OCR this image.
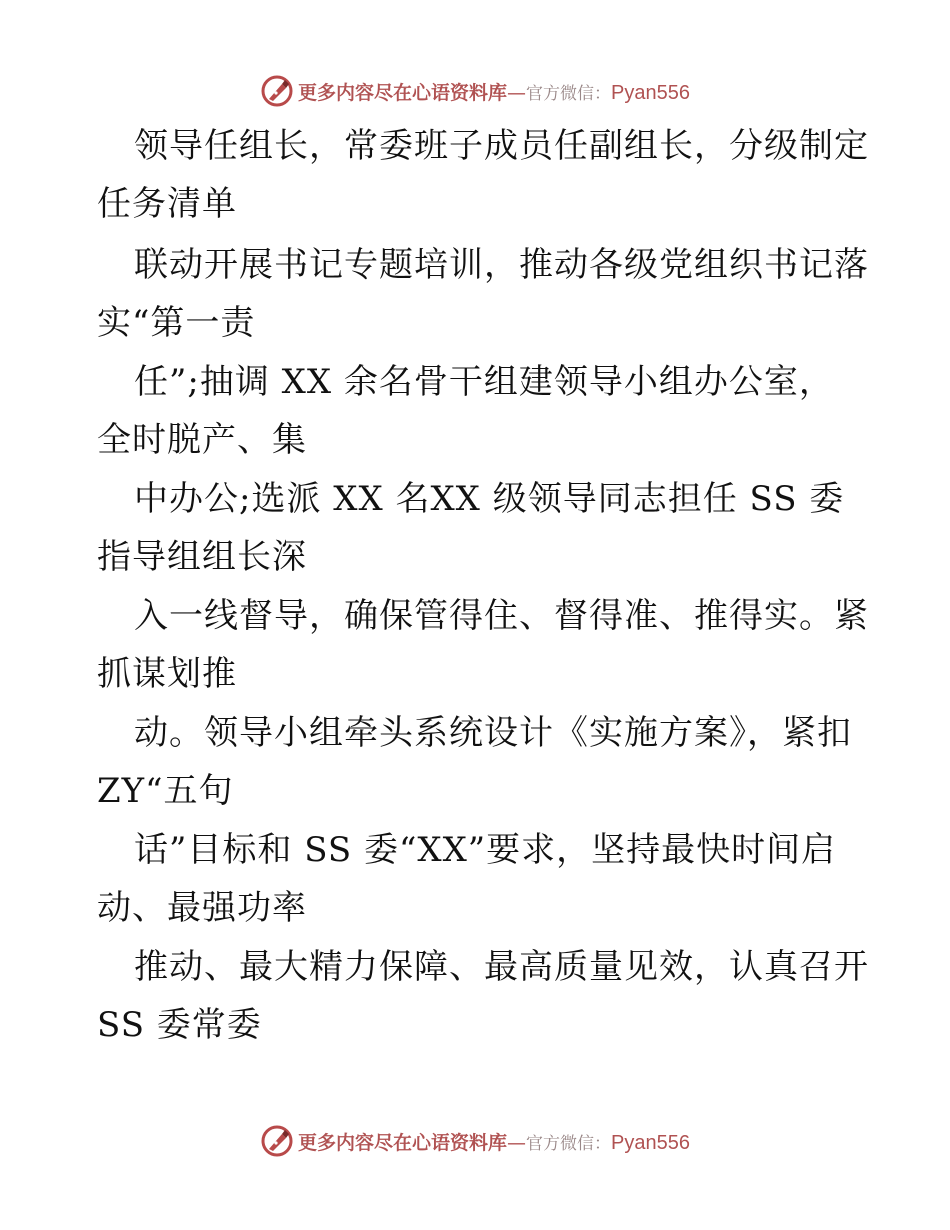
更多内容尽在心语资料库 — 官方微信： Pyan556
领导任组长，常委班子成员任副组长，分级制定
任务清单
联动开展书记专题培训，推动各级党组织书记落
实“第一责
任”;抽调 XX 余名骨干组建领导小组办公室，
全时脱产、集
中办公;选派 XX 名XX 级领导同志担任 SS 委
指导组组长深
入一线督导，确保管得住、督得准、推得实。紧
抓谋划推
动。领导小组牵头系统设计《实施方案》，紧扣
ZY“五句
话”目标和 SS 委“XX”要求，坚持最快时间启
动、最强功率
推动、最大精力保障、最高质量见效，认真召开
SS 委常委
更多内容尽在心语资料库 — 官方微信： Pyan556
